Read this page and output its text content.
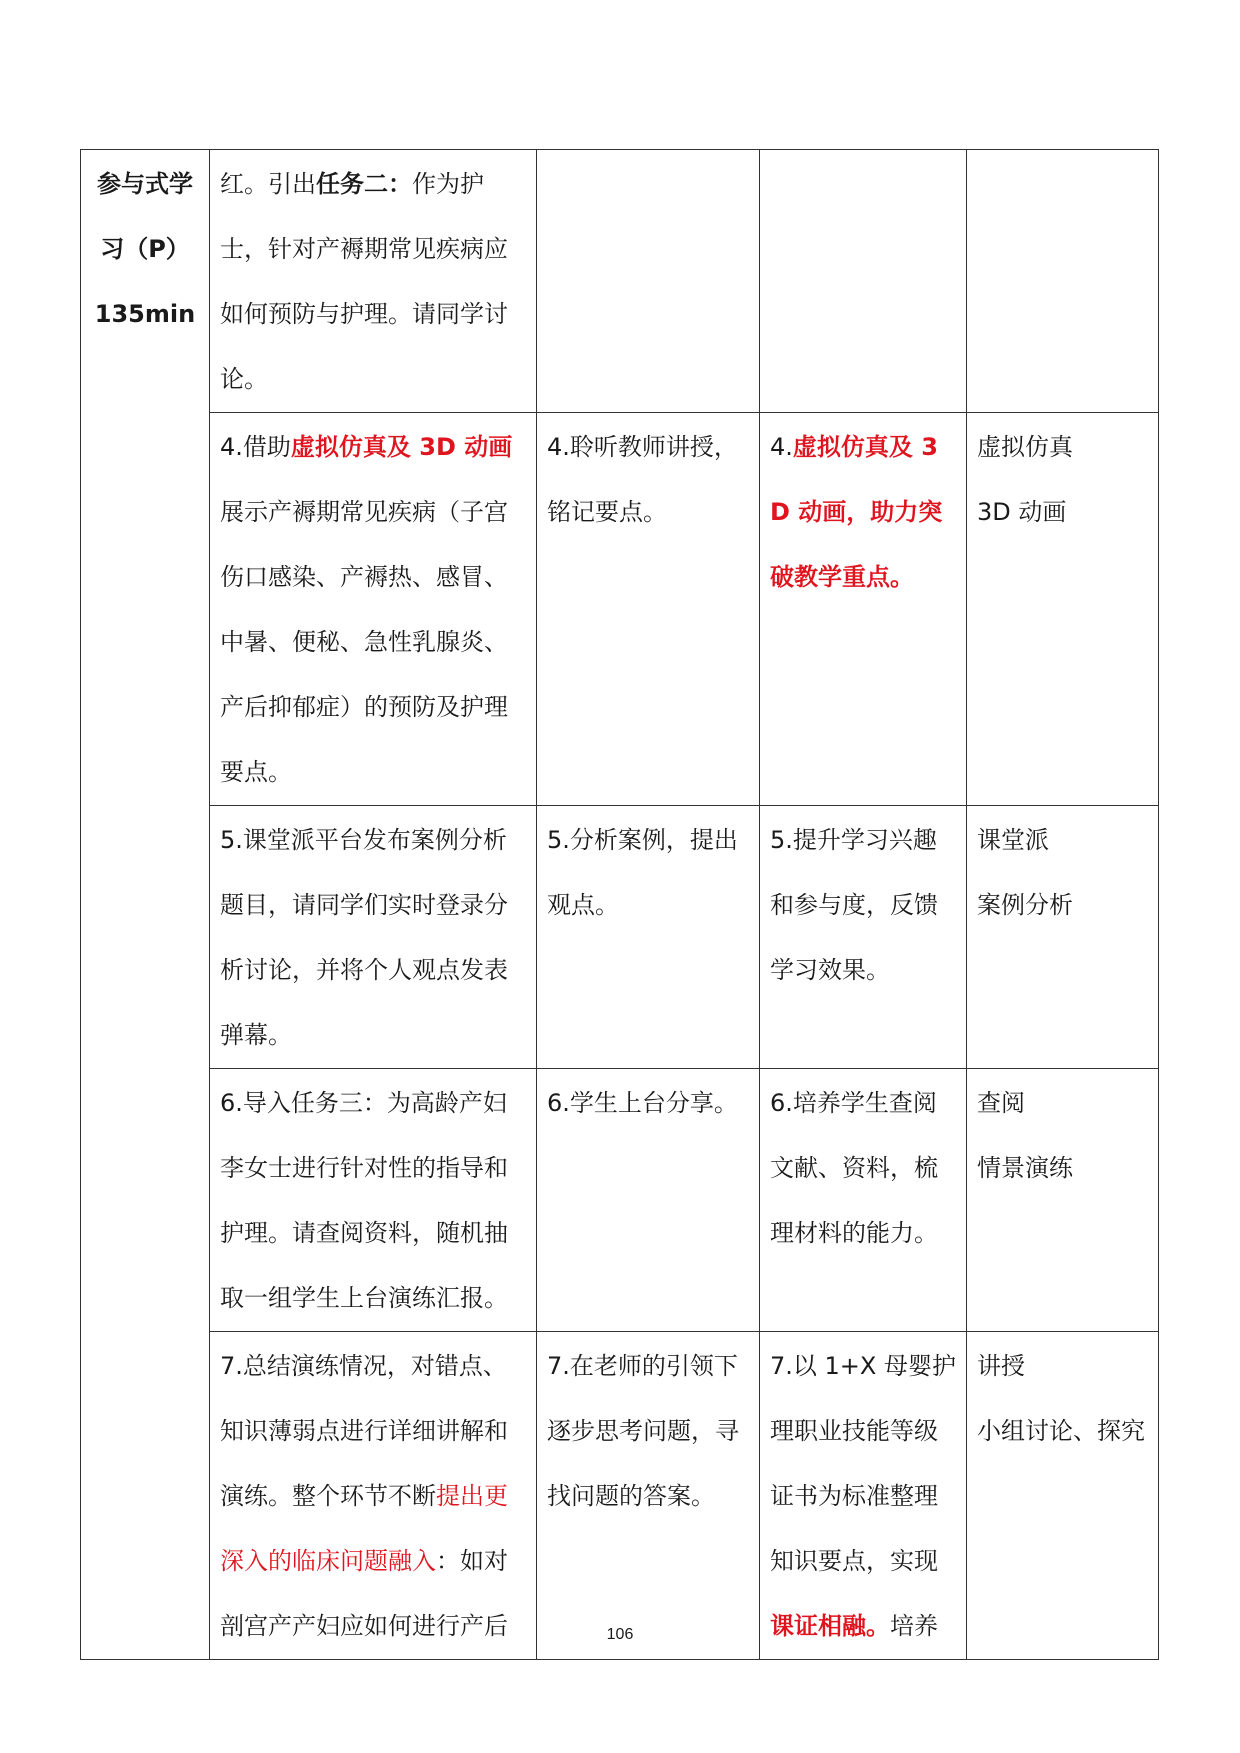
参与式学
习（P）
135min	红。引出任务二：作为护士，针对产褥期常见疾病应如何预防与护理。请同学讨论。			
	4.借助虚拟仿真及 3D 动画展示产褥期常见疾病（子宫伤口感染、产褥热、感冒、中暑、便秘、急性乳腺炎、产后抑郁症）的预防及护理要点。	4.聆听教师讲授，铭记要点。	4.虚拟仿真及 3D 动画，助力突破教学重点。	虚拟仿真
3D 动画

	5.课堂派平台发布案例分析题目，请同学们实时登录分析讨论，并将个人观点发表弹幕。	5.分析案例，提出观点。	5.提升学习兴趣和参与度，反馈学习效果。	课堂派
案例分析

	6.导入任务三：为高龄产妇李女士进行针对性的指导和护理。请查阅资料，随机抽取一组学生上台演练汇报。	6.学生上台分享。	6.培养学生查阅文献、资料，梳理材料的能力。	查阅
情景演练

	7.总结演练情况，对错点、知识薄弱点进行详细讲解和演练。整个环节不断提出更深入的临床问题融入：如对剖宫产产妇应如何进行产后	7.在老师的引领下逐步思考问题，寻找问题的答案。	7.以 1+X 母婴护理职业技能等级证书为标准整理知识要点，实现课证相融。培养	讲授
小组讨论、探究
106
